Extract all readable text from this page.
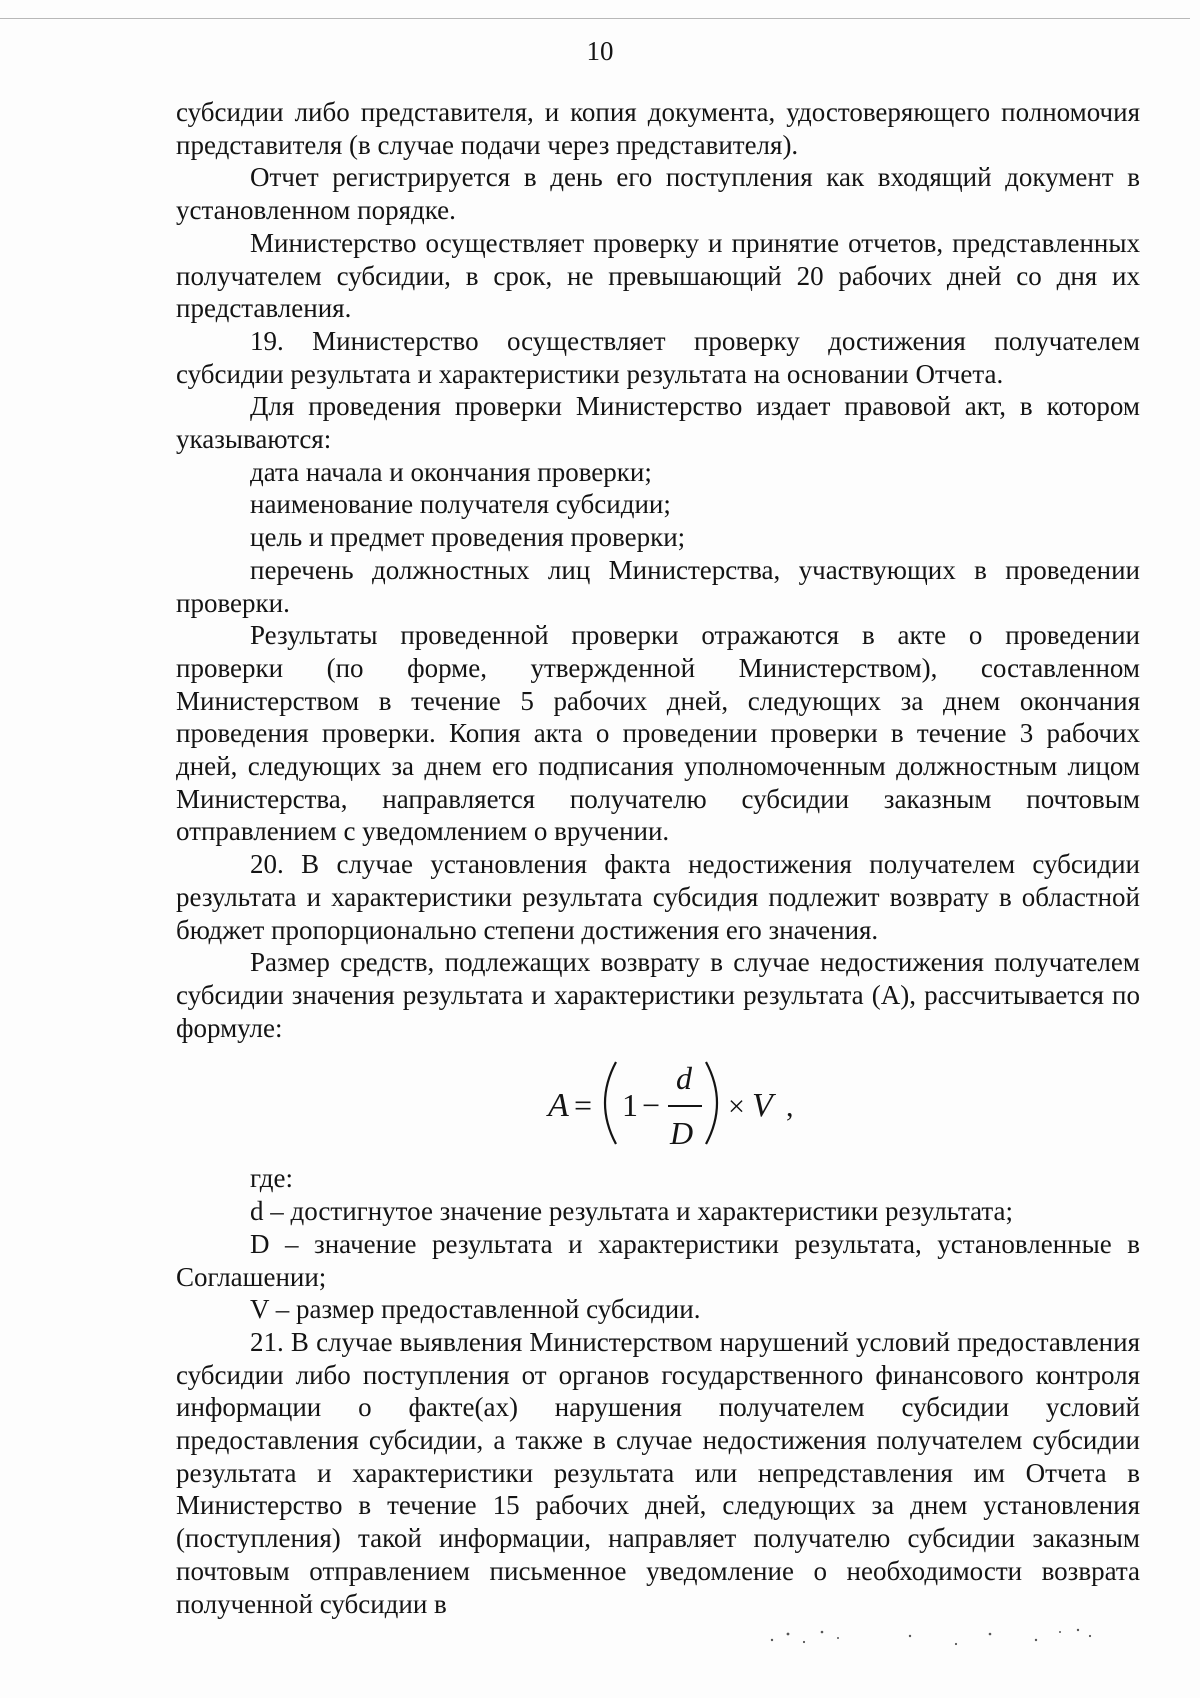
10

субсидии либо представителя, и копия документа, удостоверяющего полномочия представителя (в случае подачи через представителя).

Отчет регистрируется в день его поступления как входящий документ в установленном порядке.

Министерство осуществляет проверку и принятие отчетов, представленных получателем субсидии, в срок, не превышающий 20 рабочих дней со дня их представления.

19. Министерство осуществляет проверку достижения получателем субсидии результата и характеристики результата на основании Отчета.

Для проведения проверки Министерство издает правовой акт, в котором указываются:

дата начала и окончания проверки;

наименование получателя субсидии;

цель и предмет проведения проверки;

перечень должностных лиц Министерства, участвующих в проведении проверки.

Результаты проведенной проверки отражаются в акте о проведении проверки (по форме, утвержденной Министерством), составленном Министерством в течение 5 рабочих дней, следующих за днем окончания проведения проверки. Копия акта о проведении проверки в течение 3 рабочих дней, следующих за днем его подписания уполномоченным должностным лицом Министерства, направляется получателю субсидии заказным почтовым отправлением с уведомлением о вручении.

20. В случае установления факта недостижения получателем субсидии результата и характеристики результата субсидия подлежит возврату в областной бюджет пропорционально степени достижения его значения.

Размер средств, подлежащих возврату в случае недостижения получателем субсидии значения результата и характеристики результата (А), рассчитывается по формуле:

A = 1 −
d
D
× V ,

где:

d – достигнутое значение результата и характеристики результата;

D – значение результата и характеристики результата, установленные в Соглашении;

V – размер предоставленной субсидии.

21. В случае выявления Министерством нарушений условий предоставления субсидии либо поступления от органов государственного финансового контроля информации о факте(ах) нарушения получателем субсидии условий предоставления субсидии, а также в случае недостижения получателем субсидии результата и характеристики результата или непредставления им Отчета в Министерство в течение 15 рабочих дней, следующих за днем установления (поступления) такой информации, направляет получателю субсидии заказным почтовым отправлением письменное уведомление о необходимости возврата полученной субсидии в
